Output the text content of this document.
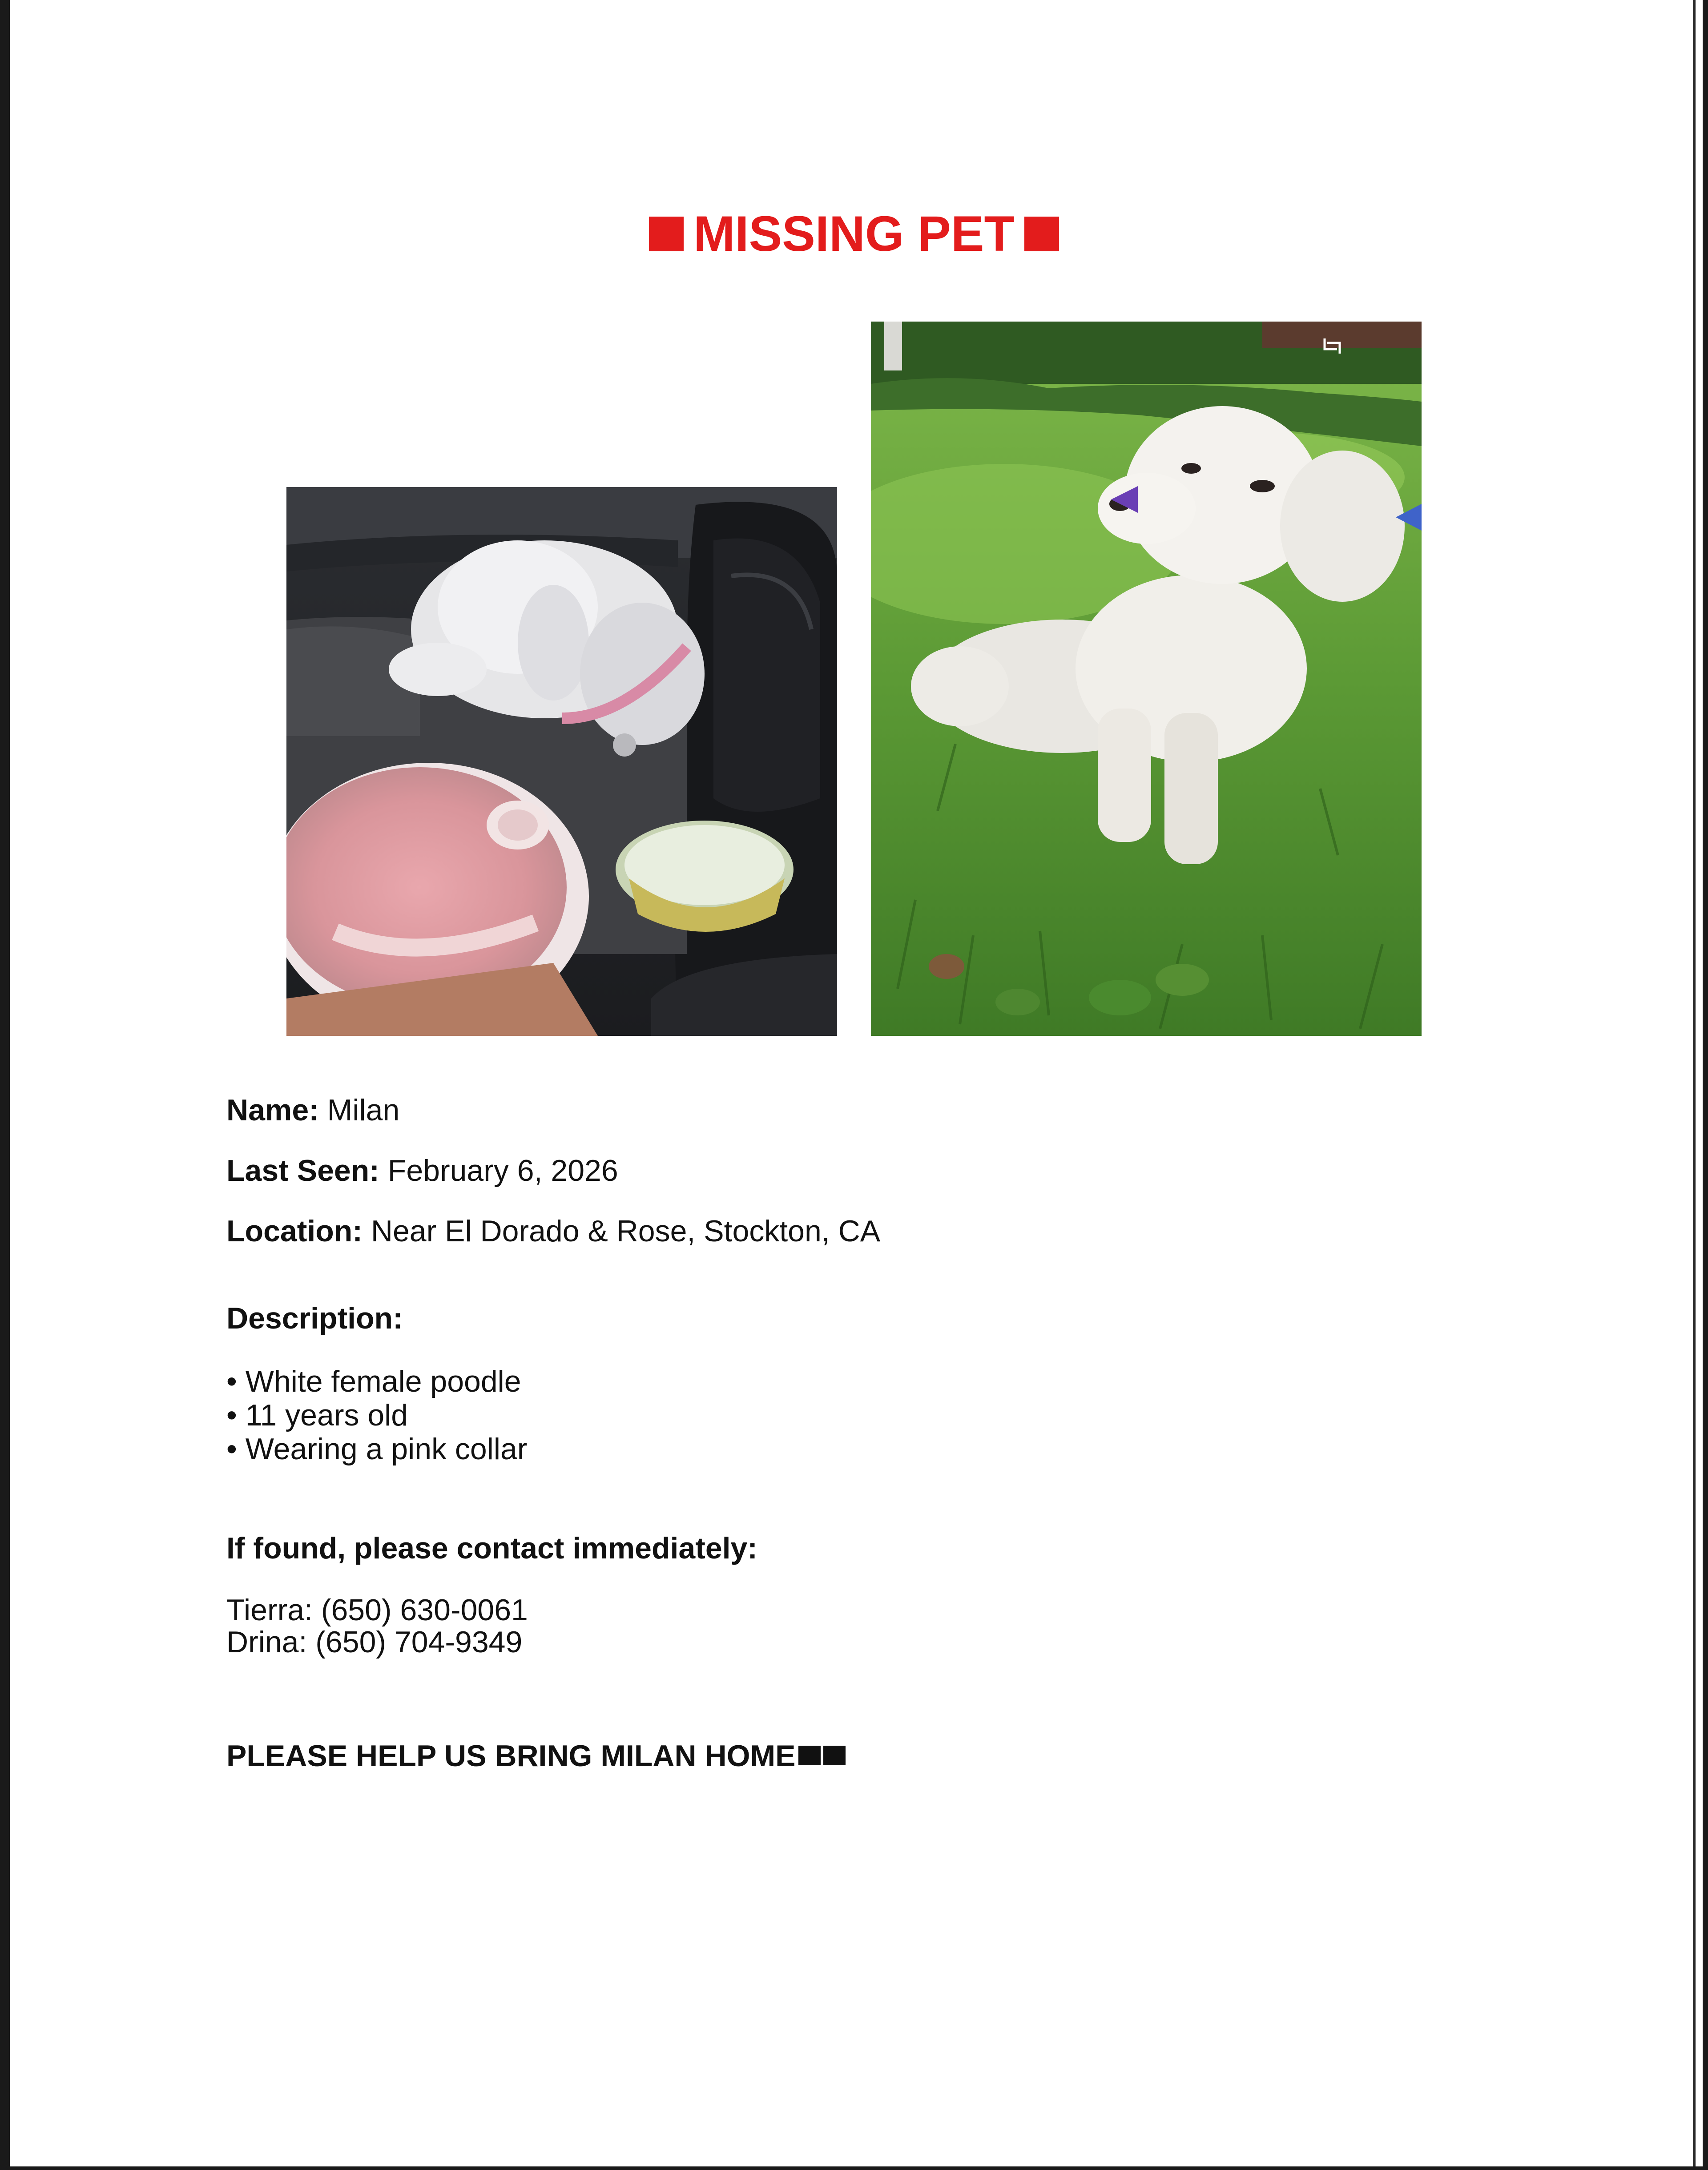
MISSING PET
Name: Milan
Last Seen: February 6, 2026
Location: Near El Dorado & Rose, Stockton, CA
Description:
• White female poodle
• 11 years old
• Wearing a pink collar
If found, please contact immediately:
Tierra: (650) 630-0061
Drina: (650) 704-9349
PLEASE HELP US BRING MILAN HOME
